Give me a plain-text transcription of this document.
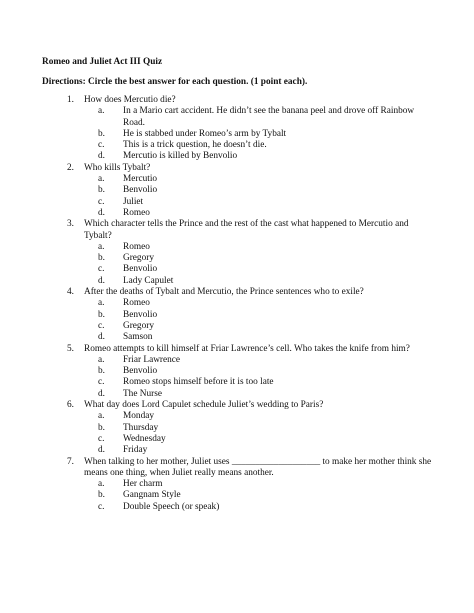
Romeo and Juliet Act III Quiz
Directions: Circle the best answer for each question. (1 point each).
1. How does Mercutio die?
a. In a Mario cart accident. He didn’t see the banana peel and drove off Rainbow Road.
b. He is stabbed under Romeo’s arm by Tybalt
c. This is a trick question, he doesn’t die.
d. Mercutio is killed by Benvolio
2. Who kills Tybalt?
a. Mercutio
b. Benvolio
c. Juliet
d. Romeo
3. Which character tells the Prince and the rest of the cast what happened to Mercutio and Tybalt?
a. Romeo
b. Gregory
c. Benvolio
d. Lady Capulet
4. After the deaths of Tybalt and Mercutio, the Prince sentences who to exile?
a. Romeo
b. Benvolio
c. Gregory
d. Samson
5. Romeo attempts to kill himself at Friar Lawrence’s cell. Who takes the knife from him?
a. Friar Lawrence
b. Benvolio
c. Romeo stops himself before it is too late
d. The Nurse
6. What day does Lord Capulet schedule Juliet’s wedding to Paris?
a. Monday
b. Thursday
c. Wednesday
d. Friday
7. When talking to her mother, Juliet uses ___________________ to make her mother think she means one thing, when Juliet really means another.
a. Her charm
b. Gangnam Style
c. Double Speech (or speak)
